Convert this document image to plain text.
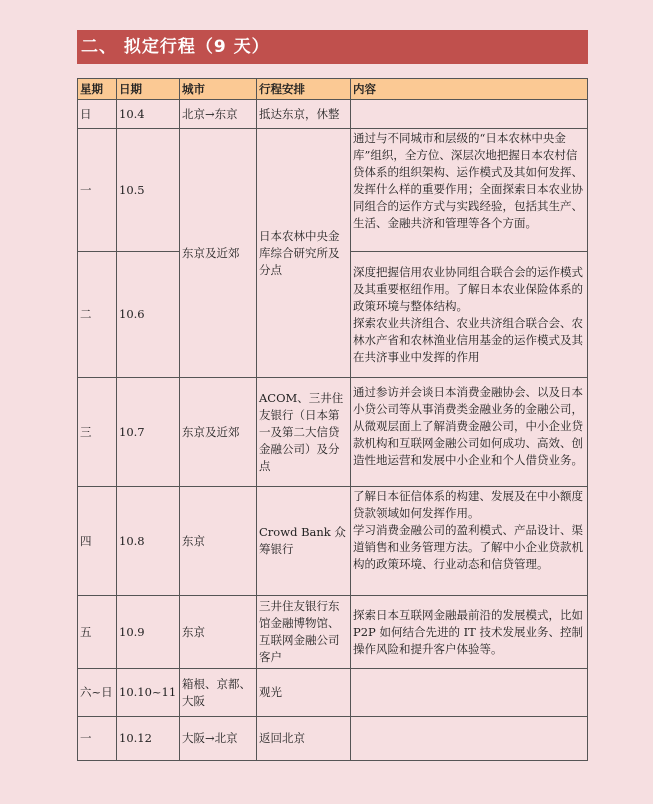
二、 拟定行程（9 天）
星期	日期	城市	行程安排	内容
日	10.4	北京→东京	抵达东京，休整	
一	10.5	东京及近郊	日本农林中央金库综合研究所及分点	通过与不同城市和层级的“日本农林中央金库”组织，全方位、深层次地把握日本农村信贷体系的组织架构、运作模式及其如何发挥、发挥什么样的重要作用；全面探索日本农业协同组合的运作方式与实践经验，包括其生产、生活、金融共济和管理等各个方面。

二	10.6			深度把握信用农业协同组合联合会的运作模式及其重要枢纽作用。了解日本农业保险体系的政策环境与整体结构。
探索农业共济组合、农业共济组合联合会、农林水产省和农林渔业信用基金的运作模式及其在共济事业中发挥的作用

三	10.7	东京及近郊	ACOM、三井住友银行（日本第一及第二大信贷金融公司）及分点	通过参访并会谈日本消费金融协会、以及日本小贷公司等从事消费类金融业务的金融公司，从微观层面上了解消费金融公司，中小企业贷款机构和互联网金融公司如何成功、高效、创造性地运营和发展中小企业和个人借贷业务。

四	10.8	东京	Crowd Bank 众筹银行	了解日本征信体系的构建、发展及在中小额度贷款领域如何发挥作用。
学习消费金融公司的盈利模式、产品设计、渠道销售和业务管理方法。了解中小企业贷款机构的政策环境、行业动态和信贷管理。

五	10.9	东京	三井住友银行东馆金融博物馆、互联网金融公司客户	探索日本互联网金融最前沿的发展模式，比如 P2P 如何结合先进的 IT 技术发展业务、控制操作风险和提升客户体验等。
六~日	10.10~11	箱根、京都、大阪	观光	
一	10.12	大阪→北京	返回北京	
